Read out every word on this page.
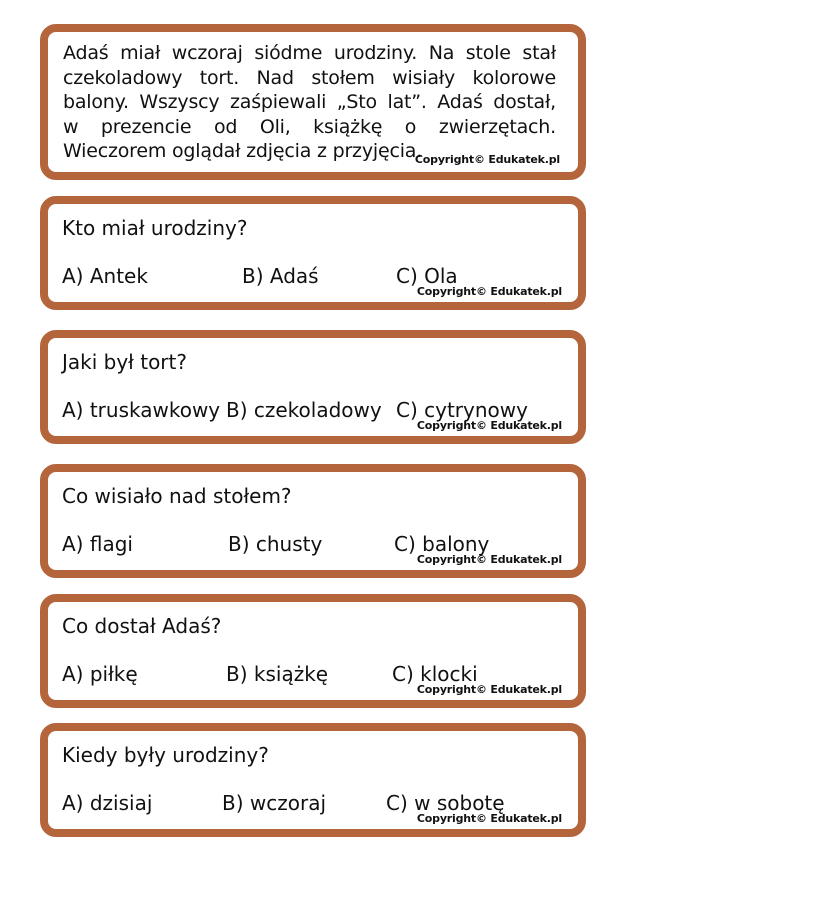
Adaś miał wczoraj siódme urodziny. Na stole stał
czekoladowy tort. Nad stołem wisiały kolorowe
balony. Wszyscy zaśpiewali „Sto lat”. Adaś dostał,
w prezencie od Oli, książkę o zwierzętach.
Wieczorem oglądał zdjęcia z przyjęcia.
Copyright© Edukatek.pl
Kto miał urodziny?
A) Antek	B) Adaś	C) Ola
Copyright© Edukatek.pl
Jaki był tort?
A) truskawkowy B) czekoladowy C) cytrynowy
Copyright© Edukatek.pl
Co wisiało nad stołem?
A) flagi	B) chusty	C) balony
Copyright© Edukatek.pl
Co dostał Adaś?
A) piłkę	B) książkę	C) klocki
Copyright© Edukatek.pl
Kiedy były urodziny?
A) dzisiaj	B) wczoraj	C) w sobotę
Copyright© Edukatek.pl
